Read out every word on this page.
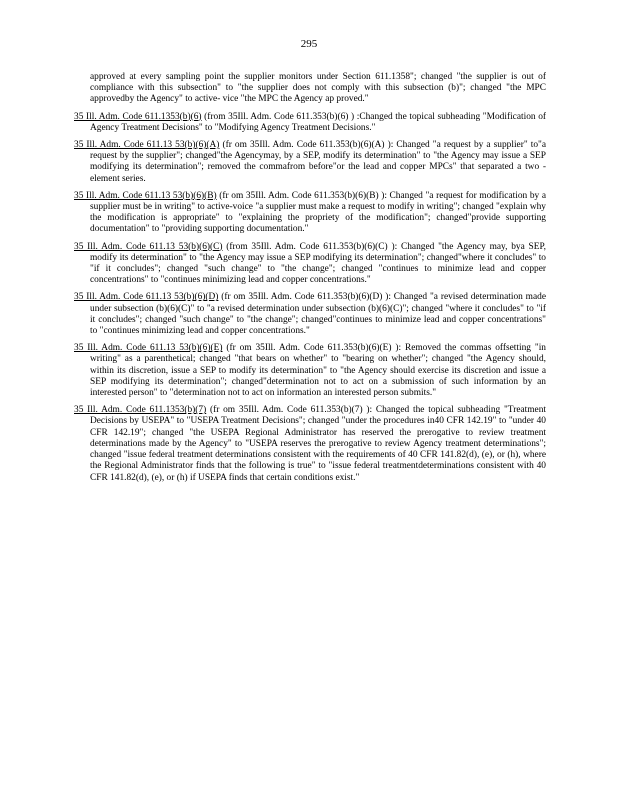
295

approved at every sampling point the supplier monitors under Section 611.1358"; changed "the supplier is out of compliance with this subsection" to "the supplier does not comply with this subsection (b)"; changed "the MPC approvedby the Agency" to active- vice "the MPC the Agency ap proved."

35 Ill. Adm. Code 611.1353(b)(6) (from 35Ill. Adm. Code 611.353(b)(6) ) :Changed the topical subheading "Modification of Agency Treatment Decisions" to "Modifying Agency Treatment Decisions."

35 Ill. Adm. Code 611.13 53(b)(6)(A) (fr om 35Ill. Adm. Code 611.353(b)(6)(A) ): Changed "a request by a supplier" to"a request by the supplier"; changed"the Agencymay, by a SEP, modify its determination" to "the Agency may issue a SEP modifying its determination"; removed the commafrom before"or the lead and copper MPCs" that separated a two - element series.

35 Ill. Adm. Code 611.13 53(b)(6)(B) (fr om 35Ill. Adm. Code 611.353(b)(6)(B) ): Changed "a request for modification by a supplier must be in writing" to active-voice "a supplier must make a request to modify in writing"; changed "explain why the modification is appropriate" to "explaining the propriety of the modification"; changed"provide supporting documentation" to "providing supporting documentation."

35 Ill. Adm. Code 611.13 53(b)(6)(C) (from 35Ill. Adm. Code 611.353(b)(6)(C) ): Changed "the Agency may, bya SEP, modify its determination" to "the Agency may issue a SEP modifying its determination"; changed"where it concludes" to "if it concludes"; changed "such change" to "the change"; changed "continues to minimize lead and copper concentrations" to "continues minimizing lead and copper concentrations."

35 Ill. Adm. Code 611.13 53(b)(6)(D) (fr om 35Ill. Adm. Code 611.353(b)(6)(D) ): Changed "a revised determination made under subsection (b)(6)(C)" to "a revised determination under subsection (b)(6)(C)"; changed "where it concludes" to "if it concludes"; changed "such change" to "the change"; changed"continues to minimize lead and copper concentrations" to "continues minimizing lead and copper concentrations."

35 Ill. Adm. Code 611.13 53(b)(6)(E) (fr om 35Ill. Adm. Code 611.353(b)(6)(E) ): Removed the commas offsetting "in writing" as a parenthetical; changed "that bears on whether" to "bearing on whether"; changed "the Agency should, within its discretion, issue a SEP to modify its determination" to "the Agency should exercise its discretion and issue a SEP modifying its determination"; changed"determination not to act on a submission of such information by an interested person" to "determination not to act on information an interested person submits."

35 Ill. Adm. Code 611.1353(b)(7) (fr om 35Ill. Adm. Code 611.353(b)(7) ): Changed the topical subheading "Treatment Decisions by USEPA" to "USEPA Treatment Decisions"; changed "under the procedures in40 CFR 142.19" to "under 40 CFR 142.19"; changed "the USEPA Regional Administrator has reserved the prerogative to review treatment determinations made by the Agency" to "USEPA reserves the prerogative to review Agency treatment determinations"; changed "issue federal treatment determinations consistent with the requirements of 40 CFR 141.82(d), (e), or (h), where the Regional Administrator finds that the following is true" to "issue federal treatmentdeterminations consistent with 40 CFR 141.82(d), (e), or (h) if USEPA finds that certain conditions exist."
